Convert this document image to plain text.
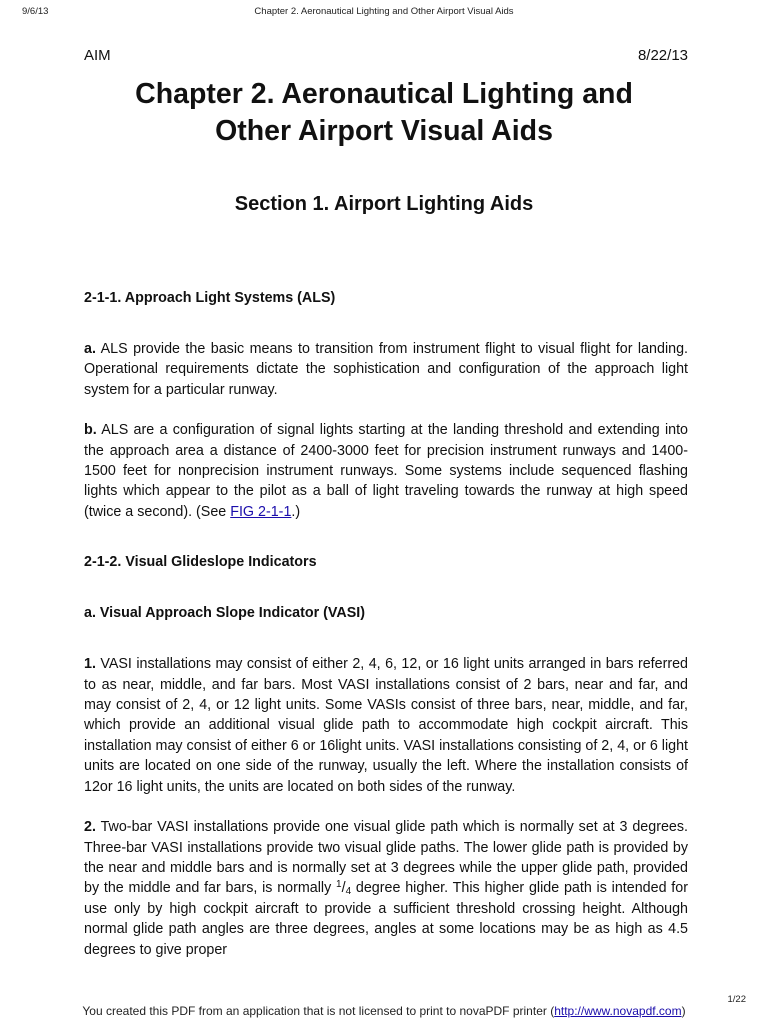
9/6/13	Chapter 2. Aeronautical Lighting and Other Airport Visual Aids
AIM	8/22/13
Chapter 2. Aeronautical Lighting and
Other Airport Visual Aids
Section 1. Airport Lighting Aids
2-1-1. Approach Light Systems (ALS)

a. ALS provide the basic means to transition from instrument flight to visual flight for landing. Operational requirements dictate the sophistication and configuration of the approach light system for a particular runway.

b. ALS are a configuration of signal lights starting at the landing threshold and extending into the approach area a distance of 2400-3000 feet for precision instrument runways and 1400-1500 feet for nonprecision instrument runways. Some systems include sequenced flashing lights which appear to the pilot as a ball of light traveling towards the runway at high speed (twice a second). (See FIG 2-1-1.)

2-1-2. Visual Glideslope Indicators
a. Visual Approach Slope Indicator (VASI)

1. VASI installations may consist of either 2, 4, 6, 12, or 16 light units arranged in bars referred to as near, middle, and far bars. Most VASI installations consist of 2 bars, near and far, and may consist of 2, 4, or 12 light units. Some VASIs consist of three bars, near, middle, and far, which provide an additional visual glide path to accommodate high cockpit aircraft. This installation may consist of either 6 or 16light units. VASI installations consisting of 2, 4, or 6 light units are located on one side of the runway, usually the left. Where the installation consists of 12or 16 light units, the units are located on both sides of the runway.

2. Two-bar VASI installations provide one visual glide path which is normally set at 3 degrees. Three-bar VASI installations provide two visual glide paths. The lower glide path is provided by the near and middle bars and is normally set at 3 degrees while the upper glide path, provided by the middle and far bars, is normally $^1/_4$ degree higher. This higher glide path is intended for use only by high cockpit aircraft to provide a sufficient threshold crossing height. Although normal glide path angles are three degrees, angles at some locations may be as high as 4.5 degrees to give proper

1/22
You created this PDF from an application that is not licensed to print to novaPDF printer (http://www.novapdf.com)
